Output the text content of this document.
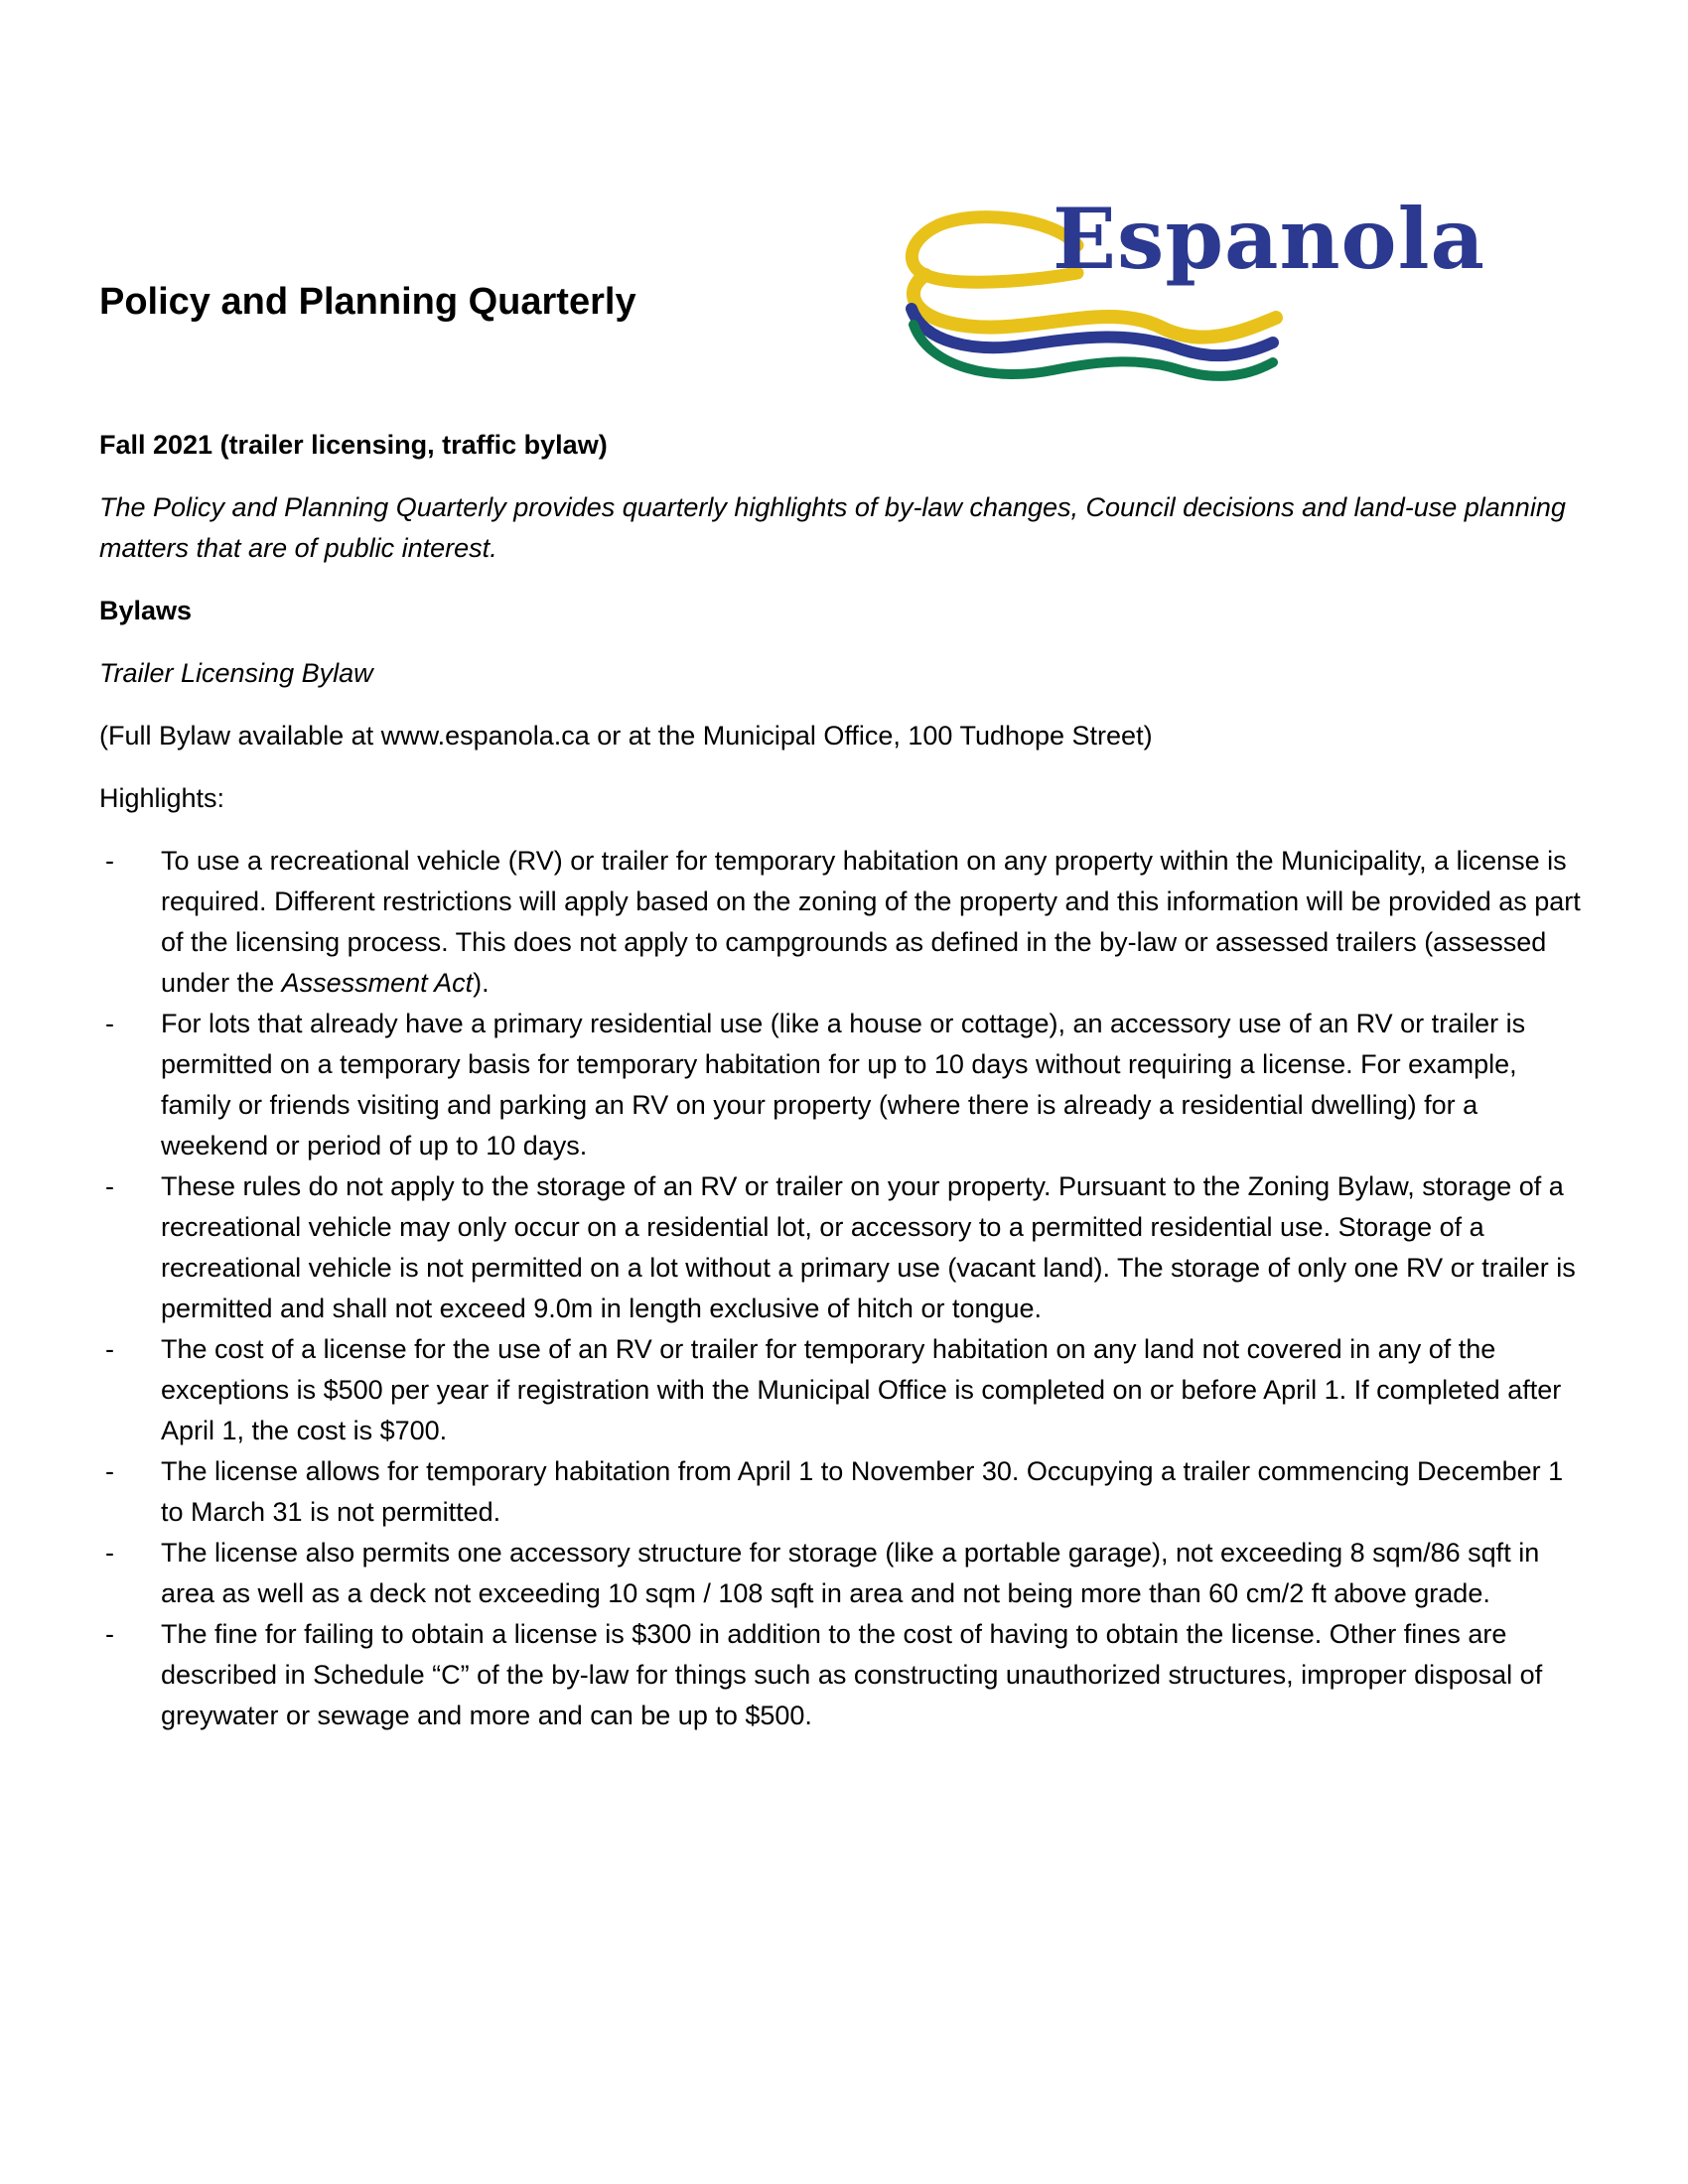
Policy and Planning Quarterly
Espanola

Fall 2021 (trailer licensing, traffic bylaw)

The Policy and Planning Quarterly provides quarterly highlights of by-law changes, Council decisions and land-use planning matters that are of public interest.

Bylaws

Trailer Licensing Bylaw

(Full Bylaw available at www.espanola.ca or at the Municipal Office, 100 Tudhope Street)

Highlights:

- To use a recreational vehicle (RV) or trailer for temporary habitation on any property within the Municipality, a license is required. Different restrictions will apply based on the zoning of the property and this information will be provided as part of the licensing process. This does not apply to campgrounds as defined in the by-law or assessed trailers (assessed under the Assessment Act).
- For lots that already have a primary residential use (like a house or cottage), an accessory use of an RV or trailer is permitted on a temporary basis for temporary habitation for up to 10 days without requiring a license. For example, family or friends visiting and parking an RV on your property (where there is already a residential dwelling) for a weekend or period of up to 10 days.
- These rules do not apply to the storage of an RV or trailer on your property. Pursuant to the Zoning Bylaw, storage of a recreational vehicle may only occur on a residential lot, or accessory to a permitted residential use. Storage of a recreational vehicle is not permitted on a lot without a primary use (vacant land). The storage of only one RV or trailer is permitted and shall not exceed 9.0m in length exclusive of hitch or tongue.
- The cost of a license for the use of an RV or trailer for temporary habitation on any land not covered in any of the exceptions is $500 per year if registration with the Municipal Office is completed on or before April 1. If completed after April 1, the cost is $700.
- The license allows for temporary habitation from April 1 to November 30. Occupying a trailer commencing December 1 to March 31 is not permitted.
- The license also permits one accessory structure for storage (like a portable garage), not exceeding 8 sqm/86 sqft in area as well as a deck not exceeding 10 sqm / 108 sqft in area and not being more than 60 cm/2 ft above grade.
- The fine for failing to obtain a license is $300 in addition to the cost of having to obtain the license. Other fines are described in Schedule “C” of the by-law for things such as constructing unauthorized structures, improper disposal of greywater or sewage and more and can be up to $500.
